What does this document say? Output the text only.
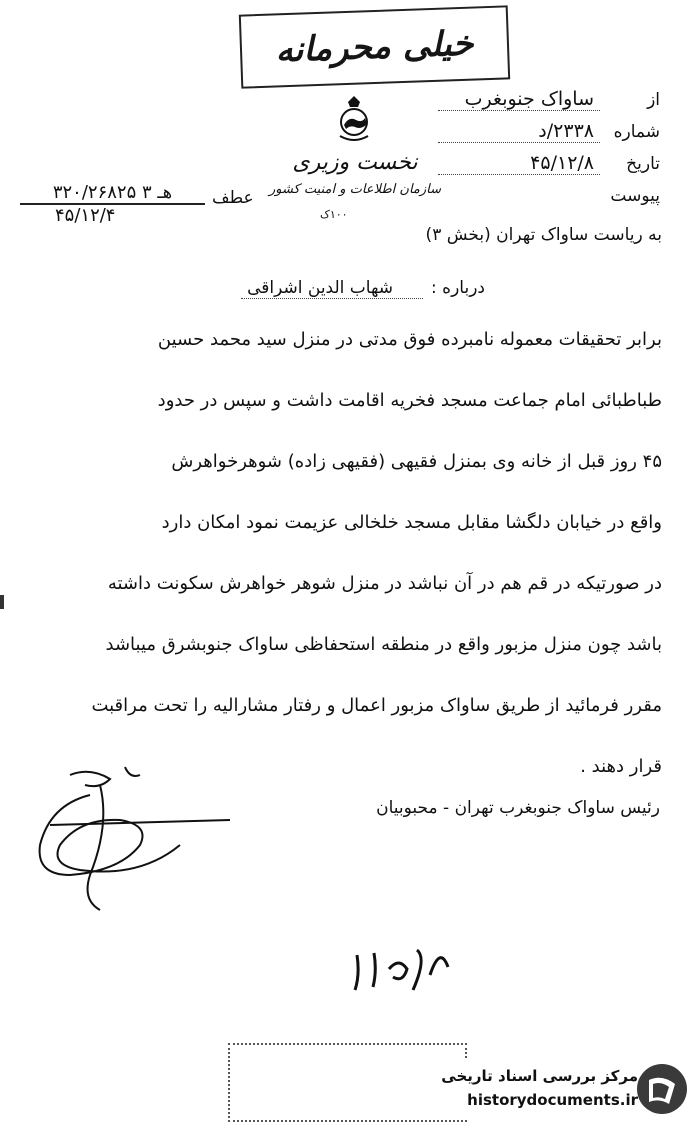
خیلی محرمانه
نخست وزیری
سازمان اطلاعات و امنیت کشور
۱۰۰ک
از
ساواک جنوبغرب
شماره
۲۳۳۸/د
تاریخ
۴۵/۱۲/۸
پیوست
عطف
۳۲۰/۲۶۸۲۵ هـ ۳
۴۵/۱۲/۴
به ریاست ساواک تهران (بخش ۳)
درباره :
شهاب الدین اشراقی
برابر تحقیقات معموله نامبرده فوق مدتی در منزل سید محمد حسین
طباطبائی امام جماعت مسجد فخریه اقامت داشت و سپس در حدود
۴۵ روز قبل از خانه وی بمنزل فقیهی (فقیهی زاده) شوهرخواهرش
واقع در خیابان دلگشا مقابل مسجد خلخالی عزیمت نمود امکان دارد
در صورتیکه در قم هم در آن نباشد در منزل شوهر خواهرش سکونت داشته
باشد چون منزل مزبور واقع در منطقه استحفاظی ساواک جنوبشرق میباشد
مقرر فرمائید از طریق ساواک مزبور اعمال و رفتار مشارالیه را تحت مراقبت
قرار دهند .
رئیس ساواک جنوبغرب تهران - محبوبیان
مرکز بررسی اسناد تاریخی
historydocuments.ir
